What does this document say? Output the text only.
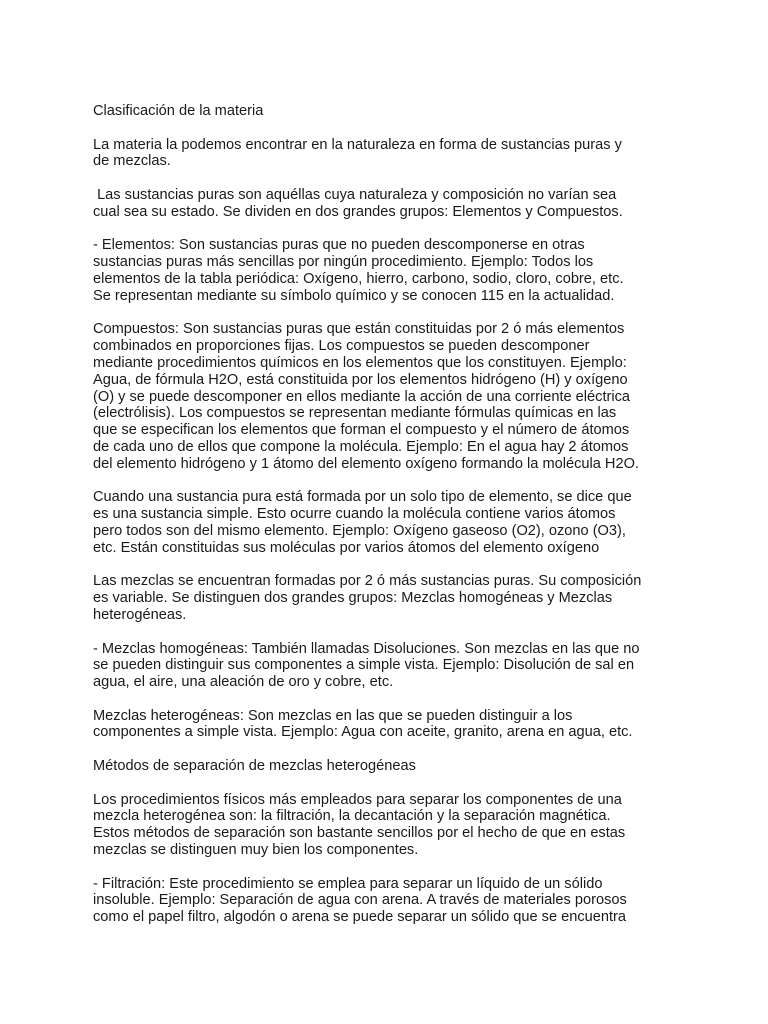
Clasificación de la materia

La materia la podemos encontrar en la naturaleza en forma de sustancias puras y
de mezclas.

Las sustancias puras son aquéllas cuya naturaleza y composición no varían sea
cual sea su estado. Se dividen en dos grandes grupos: Elementos y Compuestos.

- Elementos: Son sustancias puras que no pueden descomponerse en otras
sustancias puras más sencillas por ningún procedimiento. Ejemplo: Todos los
elementos de la tabla periódica: Oxígeno, hierro, carbono, sodio, cloro, cobre, etc.
Se representan mediante su símbolo químico y se conocen 115 en la actualidad.

Compuestos: Son sustancias puras que están constituidas por 2 ó más elementos
combinados en proporciones fijas. Los compuestos se pueden descomponer
mediante procedimientos químicos en los elementos que los constituyen. Ejemplo:
Agua, de fórmula H2O, está constituida por los elementos hidrógeno (H) y oxígeno
(O) y se puede descomponer en ellos mediante la acción de una corriente eléctrica
(electrólisis). Los compuestos se representan mediante fórmulas químicas en las
que se especifican los elementos que forman el compuesto y el número de átomos
de cada uno de ellos que compone la molécula. Ejemplo: En el agua hay 2 átomos
del elemento hidrógeno y 1 átomo del elemento oxígeno formando la molécula H2O.

Cuando una sustancia pura está formada por un solo tipo de elemento, se dice que
es una sustancia simple. Esto ocurre cuando la molécula contiene varios átomos
pero todos son del mismo elemento. Ejemplo: Oxígeno gaseoso (O2), ozono (O3),
etc. Están constituidas sus moléculas por varios átomos del elemento oxígeno

Las mezclas se encuentran formadas por 2 ó más sustancias puras. Su composición
es variable. Se distinguen dos grandes grupos: Mezclas homogéneas y Mezclas
heterogéneas.

- Mezclas homogéneas: También llamadas Disoluciones. Son mezclas en las que no
se pueden distinguir sus componentes a simple vista. Ejemplo: Disolución de sal en
agua, el aire, una aleación de oro y cobre, etc.

Mezclas heterogéneas: Son mezclas en las que se pueden distinguir a los
componentes a simple vista. Ejemplo: Agua con aceite, granito, arena en agua, etc.

Métodos de separación de mezclas heterogéneas

Los procedimientos físicos más empleados para separar los componentes de una
mezcla heterogénea son: la filtración, la decantación y la separación magnética.
Estos métodos de separación son bastante sencillos por el hecho de que en estas
mezclas se distinguen muy bien los componentes.

- Filtración: Este procedimiento se emplea para separar un líquido de un sólido
insoluble. Ejemplo: Separación de agua con arena. A través de materiales porosos
como el papel filtro, algodón o arena se puede separar un sólido que se encuentra
